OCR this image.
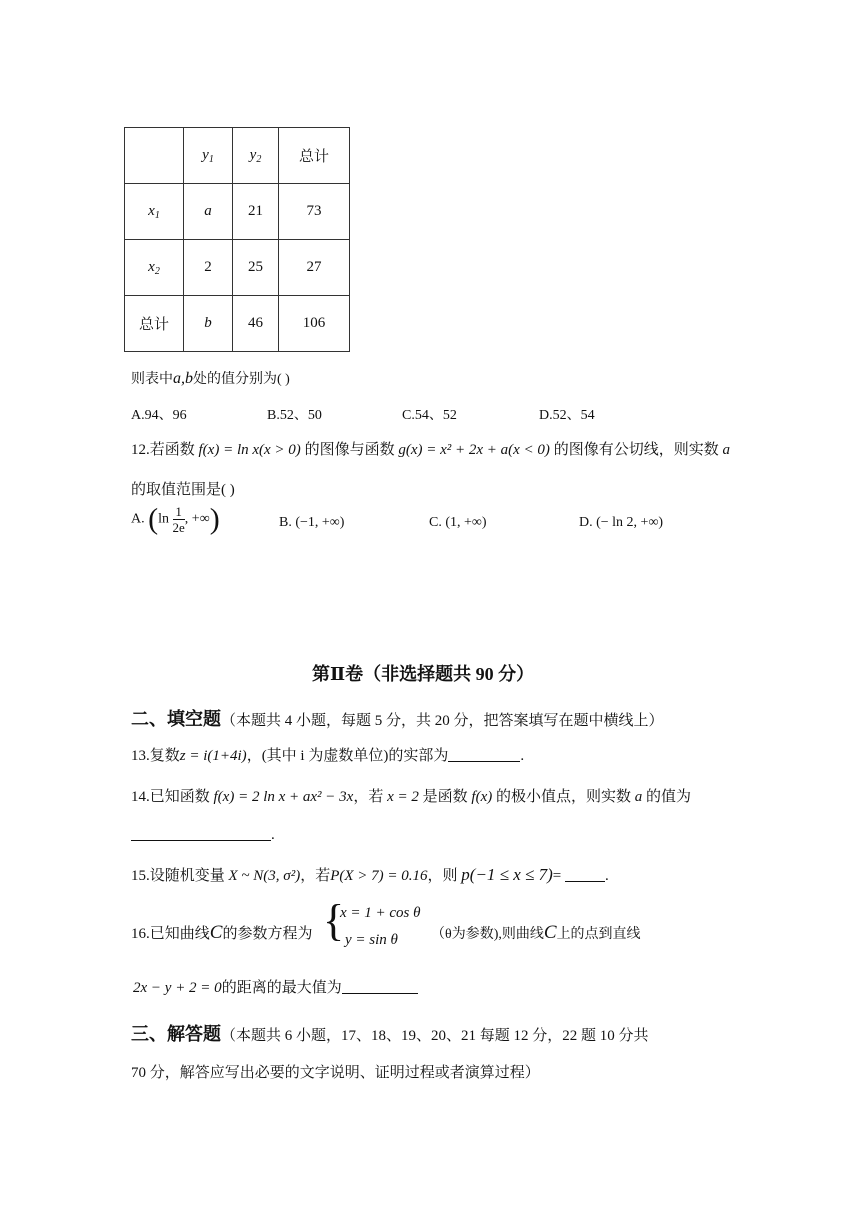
	$y_1$	$y_2$	总计
$x_1$	a	21	73
$x_2$	2	25	27
总计	b	46	106
则表中a,b处的值分别为( )
A.94、96	B.52、50	C.54、52	D.52、54
12.若函数 f(x) = ln x(x > 0) 的图像与函数 g(x) = x² + 2x + a(x < 0) 的图像有公切线，则实数 a
的取值范围是( )
A. ($\ln \frac{1}{2e}$ , +∞)	B. (−1, +∞)	C. (1, +∞)	D. (− ln 2, +∞)
第Ⅱ卷（非选择题共 90 分）
二、填空题（本题共 4 小题，每题 5 分，共 20 分，把答案填写在题中横线上）
13.复数z = i(1+4i)，(其中 i 为虚数单位)的实部为	.
14.已知函数 f(x) = 2 ln x + ax² − 3x，若 x = 2 是函数 f(x) 的极小值点，则实数 a 的值为
.
15.设随机变量 X ~ N(3, σ²)，若P(X > 7) = 0.16，则 p(−1 ≤ x ≤ 7)=	.
16.已知曲线C的参数方程为 {
x = 1 + cos θ
y = sin θ （θ为参数),则曲线C上的点到直线
2x − y + 2 = 0的距离的最大值为
三、解答题（本题共 6 小题，17、18、19、20、21 每题 12 分，22 题 10 分共
70 分，解答应写出必要的文字说明、证明过程或者演算过程）
